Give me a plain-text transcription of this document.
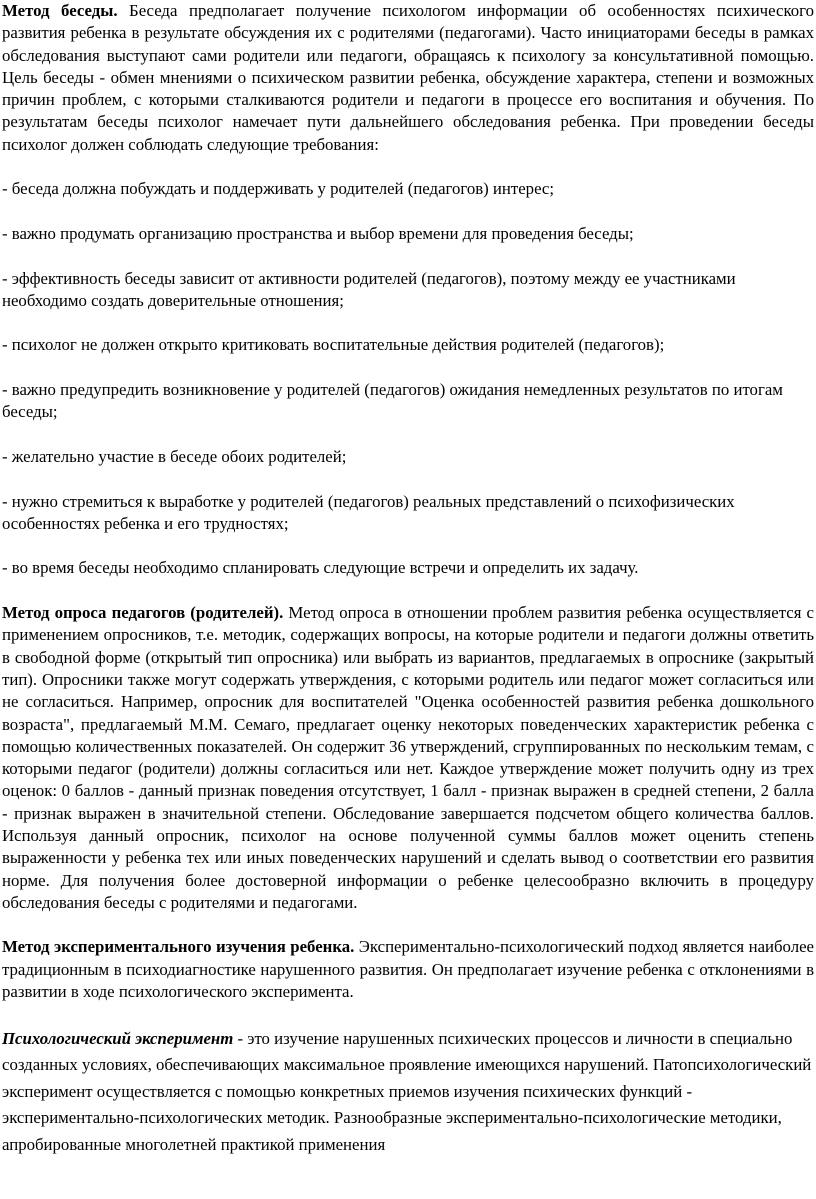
Метод беседы. Беседа предполагает получение психологом информации об особенностях психического развития ребенка в результате обсуждения их с родителями (педагогами). Часто инициаторами беседы в рамках обследования выступают сами родители или педагоги, обращаясь к психологу за консультативной помощью. Цель беседы - обмен мнениями о психическом развитии ребенка, обсуждение характера, степени и возможных причин проблем, с которыми сталкиваются родители и педагоги в процессе его воспитания и обучения. По результатам беседы психолог намечает пути дальнейшего обследования ребенка. При проведении беседы психолог должен соблюдать следующие требования:

- беседа должна побуждать и поддерживать у родителей (педагогов) интерес;

- важно продумать организацию пространства и выбор времени для проведения беседы;

- эффективность беседы зависит от активности родителей (педагогов), поэтому между ее участниками необходимо создать доверительные отношения;

- психолог не должен открыто критиковать воспитательные действия родителей (педагогов);

- важно предупредить возникновение у родителей (педагогов) ожидания немедленных результатов по итогам беседы;

- желательно участие в беседе обоих родителей;

- нужно стремиться к выработке у родителей (педагогов) реальных представлений о психофизических особенностях ребенка и его трудностях;

- во время беседы необходимо спланировать следующие встречи и определить их задачу.

Метод опроса педагогов (родителей). Метод опроса в отношении проблем развития ребенка осуществляется с применением опросников, т.е. методик, содержащих вопросы, на которые родители и педагоги должны ответить в свободной форме (открытый тип опросника) или выбрать из вариантов, предлагаемых в опроснике (закрытый тип). Опросники также могут содержать утверждения, с которыми родитель или педагог может согласиться или не согласиться. Например, опросник для воспитателей "Оценка особенностей развития ребенка дошкольного возраста", предлагаемый М.М. Семаго, предлагает оценку некоторых поведенческих характеристик ребенка с помощью количественных показателей. Он содержит 36 утверждений, сгруппированных по нескольким темам, с которыми педагог (родители) должны согласиться или нет. Каждое утверждение может получить одну из трех оценок: 0 баллов - данный признак поведения отсутствует, 1 балл - признак выражен в средней степени, 2 балла - признак выражен в значительной степени. Обследование завершается подсчетом общего количества баллов. Используя данный опросник, психолог на основе полученной суммы баллов может оценить степень выраженности у ребенка тех или иных поведенческих нарушений и сделать вывод о соответствии его развития норме. Для получения более достоверной информации о ребенке целесообразно включить в процедуру обследования беседы с родителями и педагогами.

Метод экспериментального изучения ребенка. Экспериментально-психологический подход является наиболее традиционным в психодиагностике нарушенного развития. Он предполагает изучение ребенка с отклонениями в развитии в ходе психологического эксперимента.

Психологический эксперимент - это изучение нарушенных психических процессов и личности в специально созданных условиях, обеспечивающих максимальное проявление имеющихся нарушений. Патопсихологический эксперимент осуществляется с помощью конкретных приемов изучения психических функций - экспериментально-психологических методик. Разнообразные экспериментально-психологические методики, апробированные многолетней практикой применения
